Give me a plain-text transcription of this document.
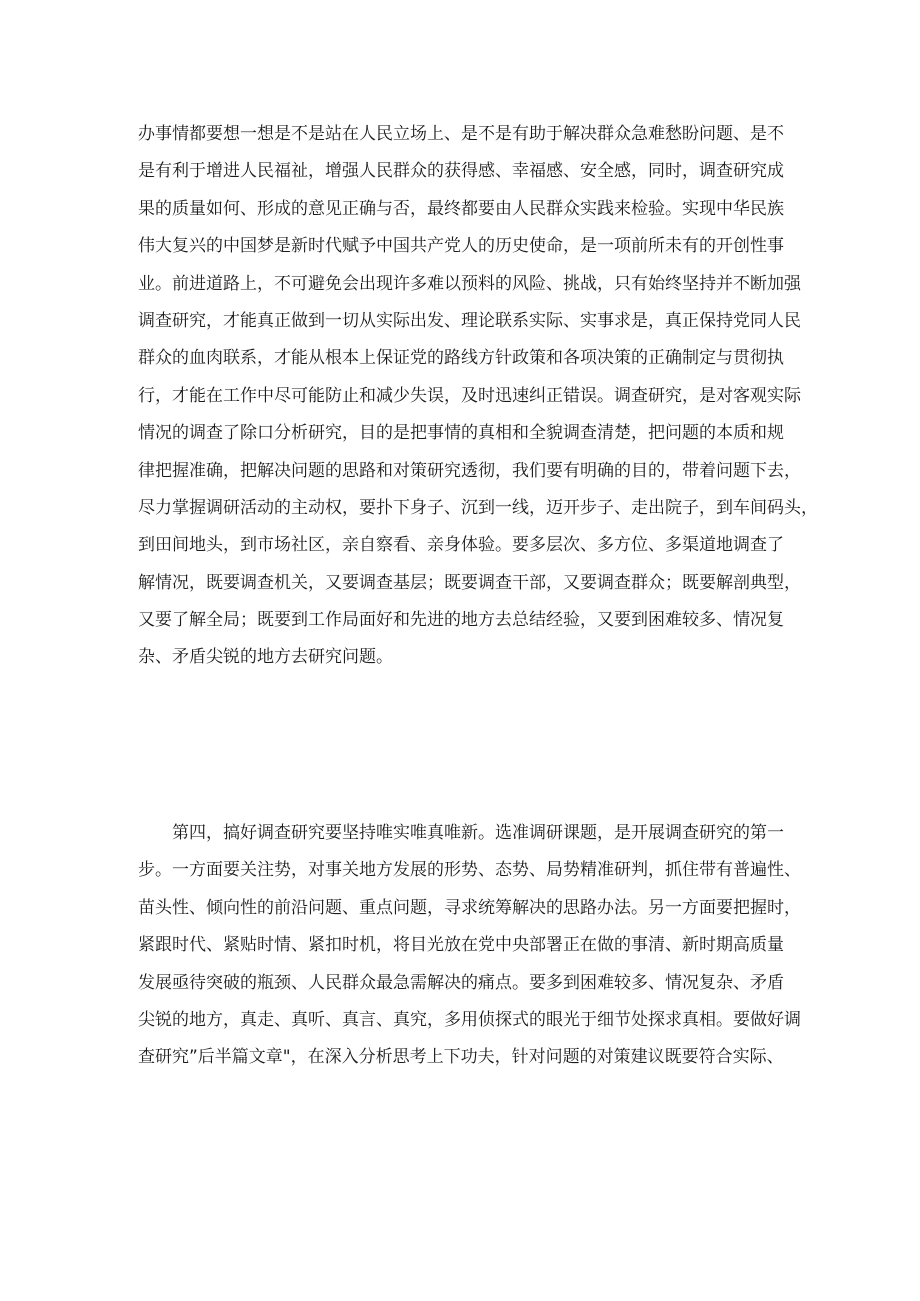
办事情都要想一想是不是站在人民立场上、是不是有助于解决群众急难愁盼问题、是不
是有利于增进人民福祉，增强人民群众的获得感、幸福感、安全感，同时，调查研究成
果的质量如何、形成的意见正确与否，最终都要由人民群众实践来检验。实现中华民族
伟大复兴的中国梦是新时代赋予中国共产党人的历史使命，是一项前所未有的开创性事
业。前进道路上，不可避免会出现许多难以预料的风险、挑战，只有始终坚持并不断加强
调查研究，才能真正做到一切从实际出发、理论联系实际、实事求是，真正保持党同人民
群众的血肉联系，才能从根本上保证党的路线方针政策和各项决策的正确制定与贯彻执
行，才能在工作中尽可能防止和减少失误，及时迅速纠正错误。调查研究，是对客观实际
情况的调查了除口分析研究，目的是把事情的真相和全貌调查清楚，把问题的本质和规
律把握准确，把解决问题的思路和对策研究透彻，我们要有明确的目的，带着问题下去，
尽力掌握调研活动的主动权，要扑下身子、沉到一线，迈开步子、走出院子，到车间码头，
到田间地头，到市场社区，亲自察看、亲身体验。要多层次、多方位、多渠道地调查了
解情况，既要调查机关，又要调查基层；既要调查干部，又要调查群众；既要解剖典型，
又要了解全局；既要到工作局面好和先进的地方去总结经验，又要到困难较多、情况复
杂、矛盾尖锐的地方去研究问题。
第四，搞好调查研究要坚持唯实唯真唯新。选准调研课题，是开展调查研究的第一
步。一方面要关注势，对事关地方发展的形势、态势、局势精准研判，抓住带有普遍性、
苗头性、倾向性的前沿问题、重点问题，寻求统筹解决的思路办法。另一方面要把握时，
紧跟时代、紧贴时情、紧扣时机，将目光放在党中央部署正在做的事清、新时期高质量
发展亟待突破的瓶颈、人民群众最急需解决的痛点。要多到困难较多、情况复杂、矛盾
尖锐的地方，真走、真听、真言、真究，多用侦探式的眼光于细节处探求真相。要做好调
查研究”后半篇文章"，在深入分析思考上下功夫，针对问题的对策建议既要符合实际、
